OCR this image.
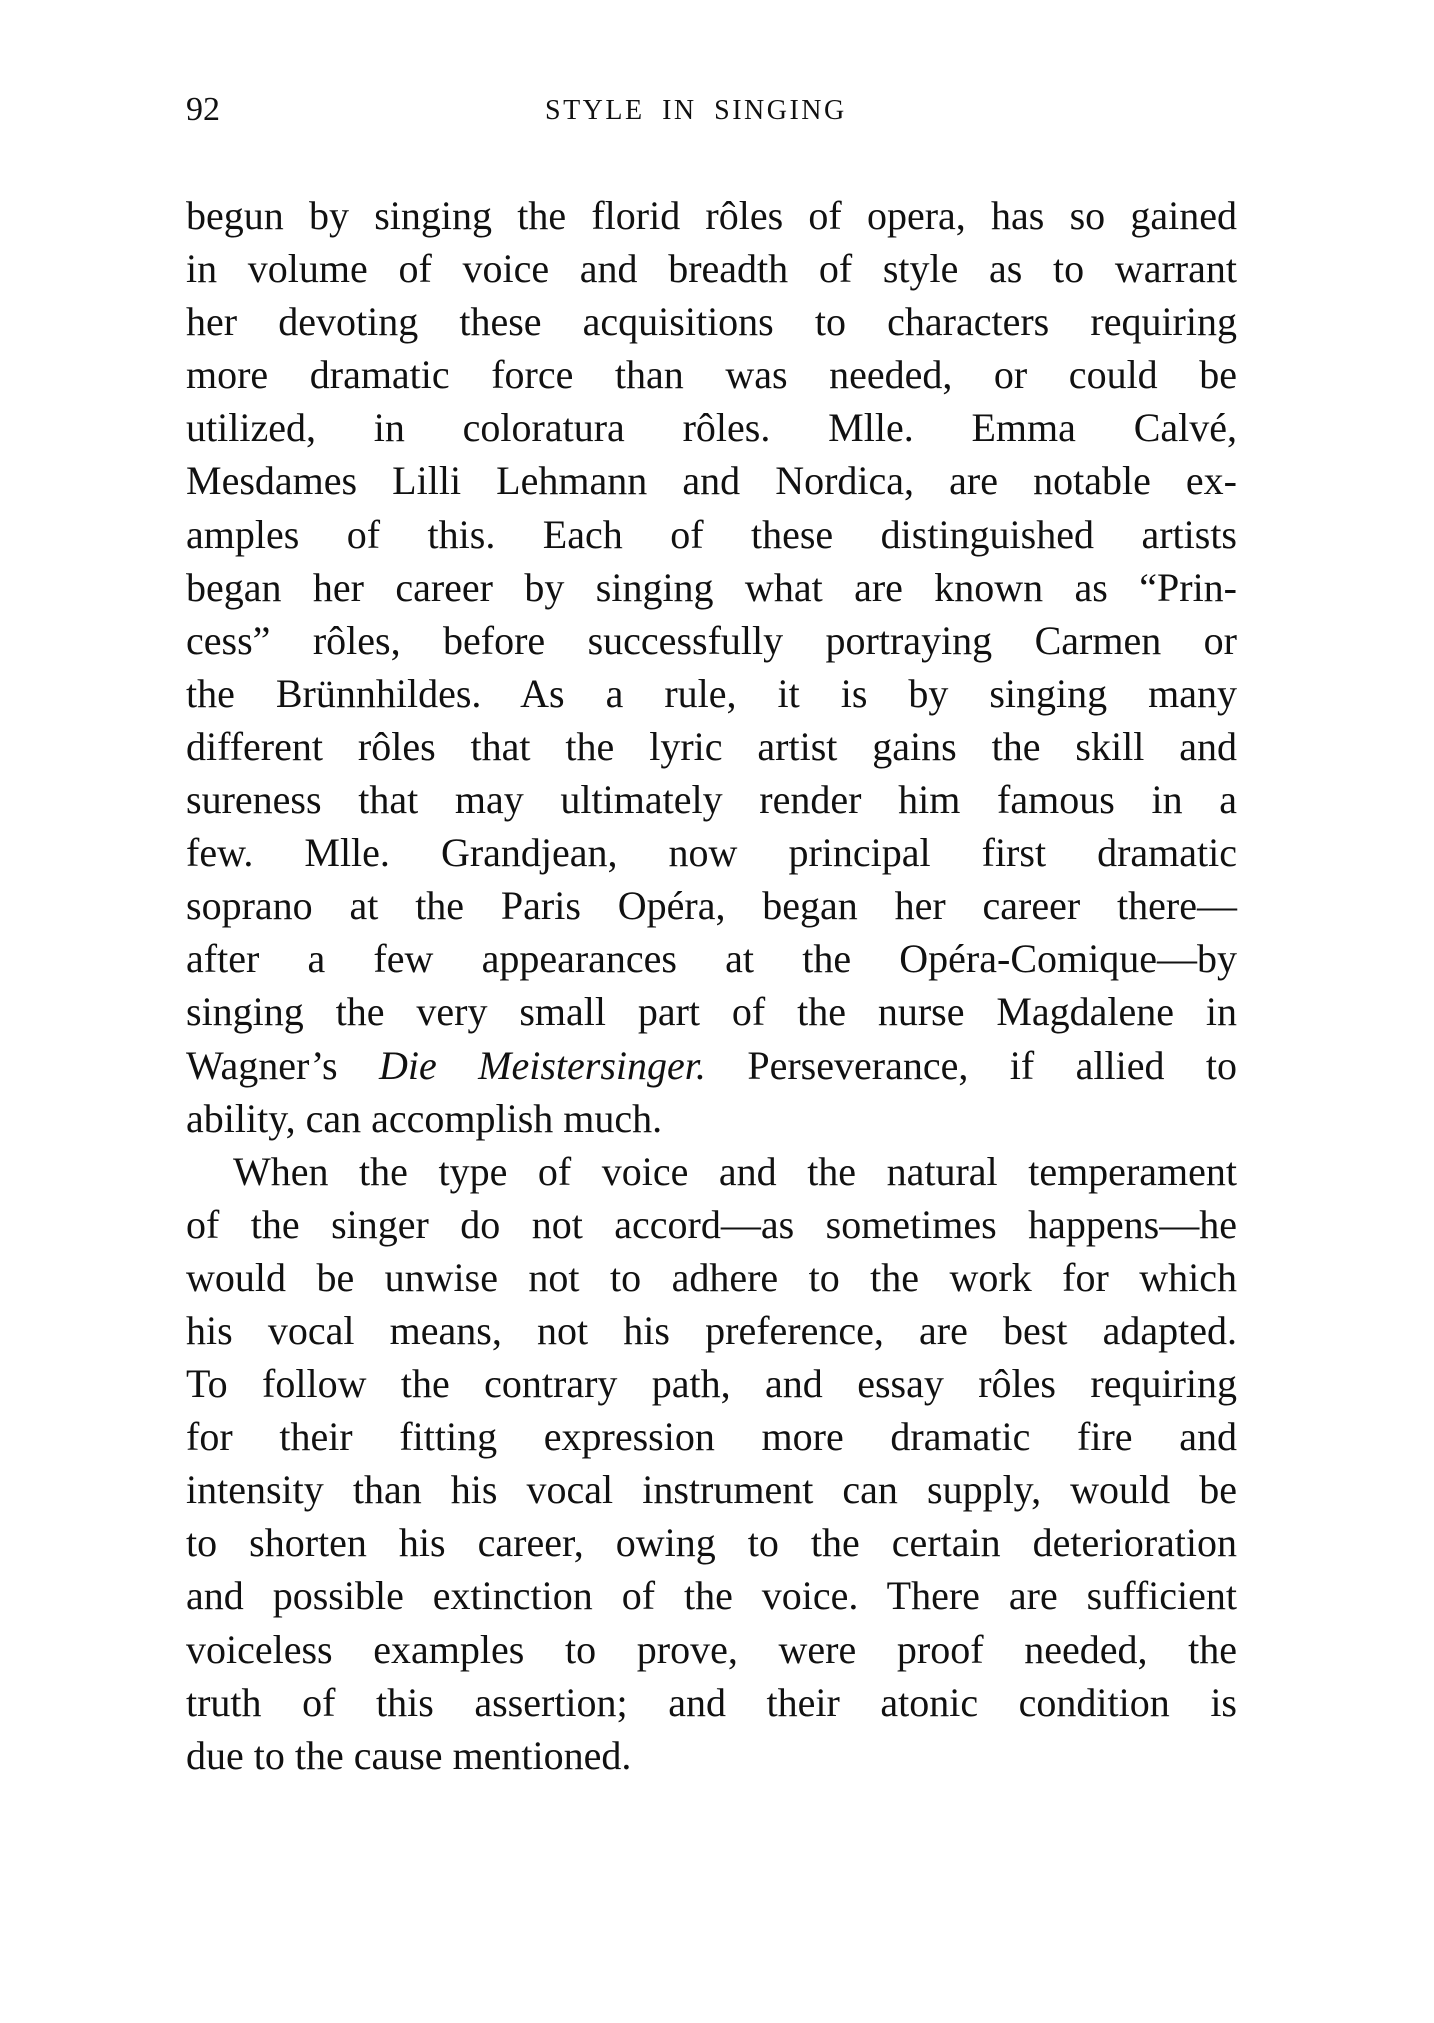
92	STYLE IN SINGING
begun by singing the florid rôles of opera, has so gained
in volume of voice and breadth of style as to warrant
her devoting these acquisitions to characters requiring
more dramatic force than was needed, or could be
utilized, in coloratura rôles. Mlle. Emma Calvé,
Mesdames Lilli Lehmann and Nordica, are notable ex-
amples of this. Each of these distinguished artists
began her career by singing what are known as “Prin-
cess” rôles, before successfully portraying Carmen or
the Brünnhildes. As a rule, it is by singing many
different rôles that the lyric artist gains the skill and
sureness that may ultimately render him famous in a
few. Mlle. Grandjean, now principal first dramatic
soprano at the Paris Opéra, began her career there—
after a few appearances at the Opéra-Comique—by
singing the very small part of the nurse Magdalene in
Wagner’s Die Meistersinger. Perseverance, if allied to
ability, can accomplish much.
When the type of voice and the natural temperament
of the singer do not accord—as sometimes happens—he
would be unwise not to adhere to the work for which
his vocal means, not his preference, are best adapted.
To follow the contrary path, and essay rôles requiring
for their fitting expression more dramatic fire and
intensity than his vocal instrument can supply, would be
to shorten his career, owing to the certain deterioration
and possible extinction of the voice. There are sufficient
voiceless examples to prove, were proof needed, the
truth of this assertion; and their atonic condition is
due to the cause mentioned.
